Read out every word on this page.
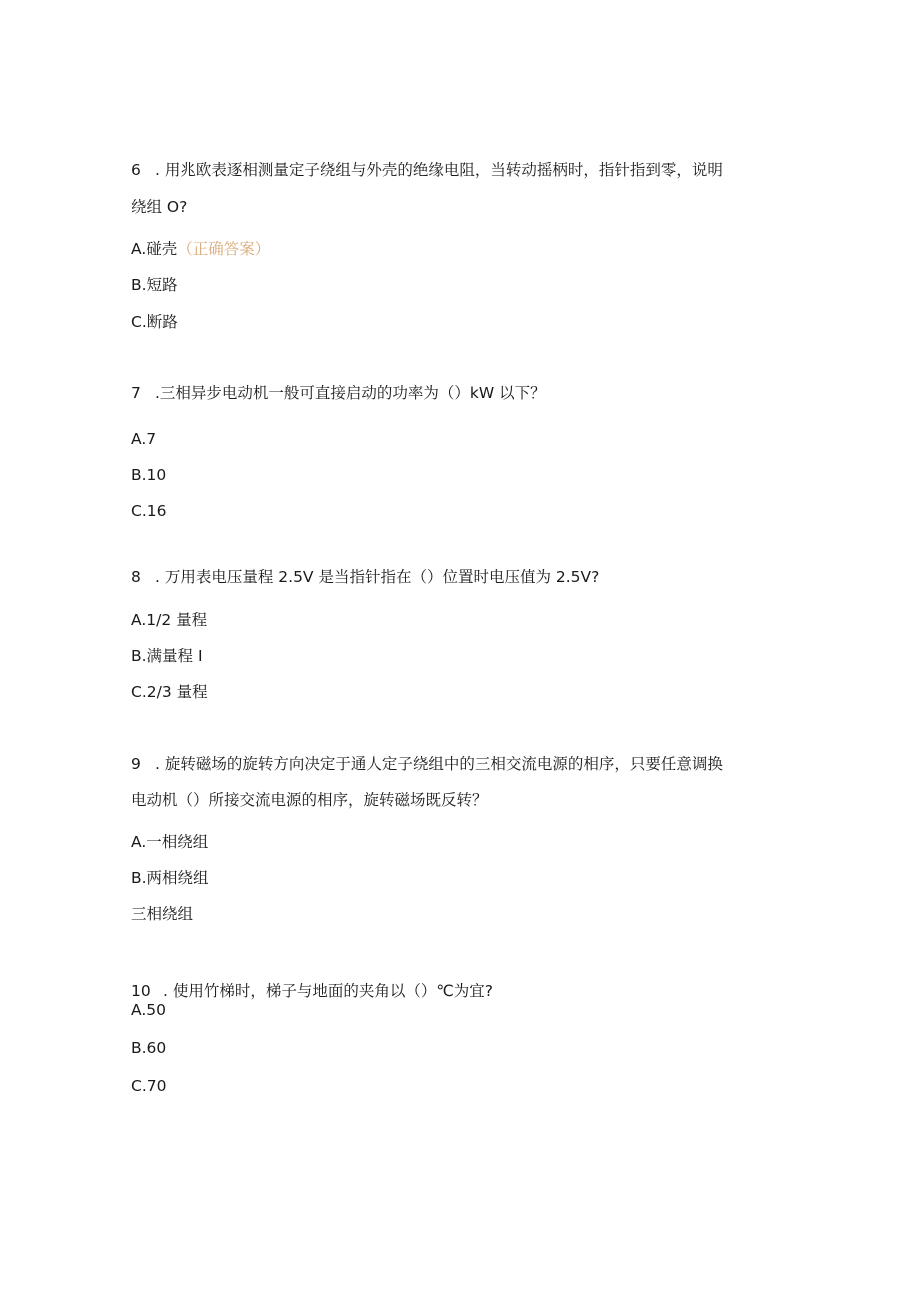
6 . 用兆欧表逐相测量定子绕组与外壳的绝缘电阻，当转动摇柄时，指针指到零，说明
绕组 O?
A.碰壳（正确答案）
B.短路
C.断路
7 .三相异步电动机一般可直接启动的功率为（）kW 以下？
A.7
B.10
C.16
8 . 万用表电压量程 2.5V 是当指针指在（）位置时电压值为 2.5V?
A.1/2 量程
B.满量程 I
C.2/3 量程
9 . 旋转磁场的旋转方向决定于通人定子绕组中的三相交流电源的相序，只要任意调换
电动机（）所接交流电源的相序，旋转磁场既反转？
A.一相绕组
B.两相绕组
三相绕组
10 . 使用竹梯时，梯子与地面的夹角以（）℃为宜?
A.50
B.60
C.70
